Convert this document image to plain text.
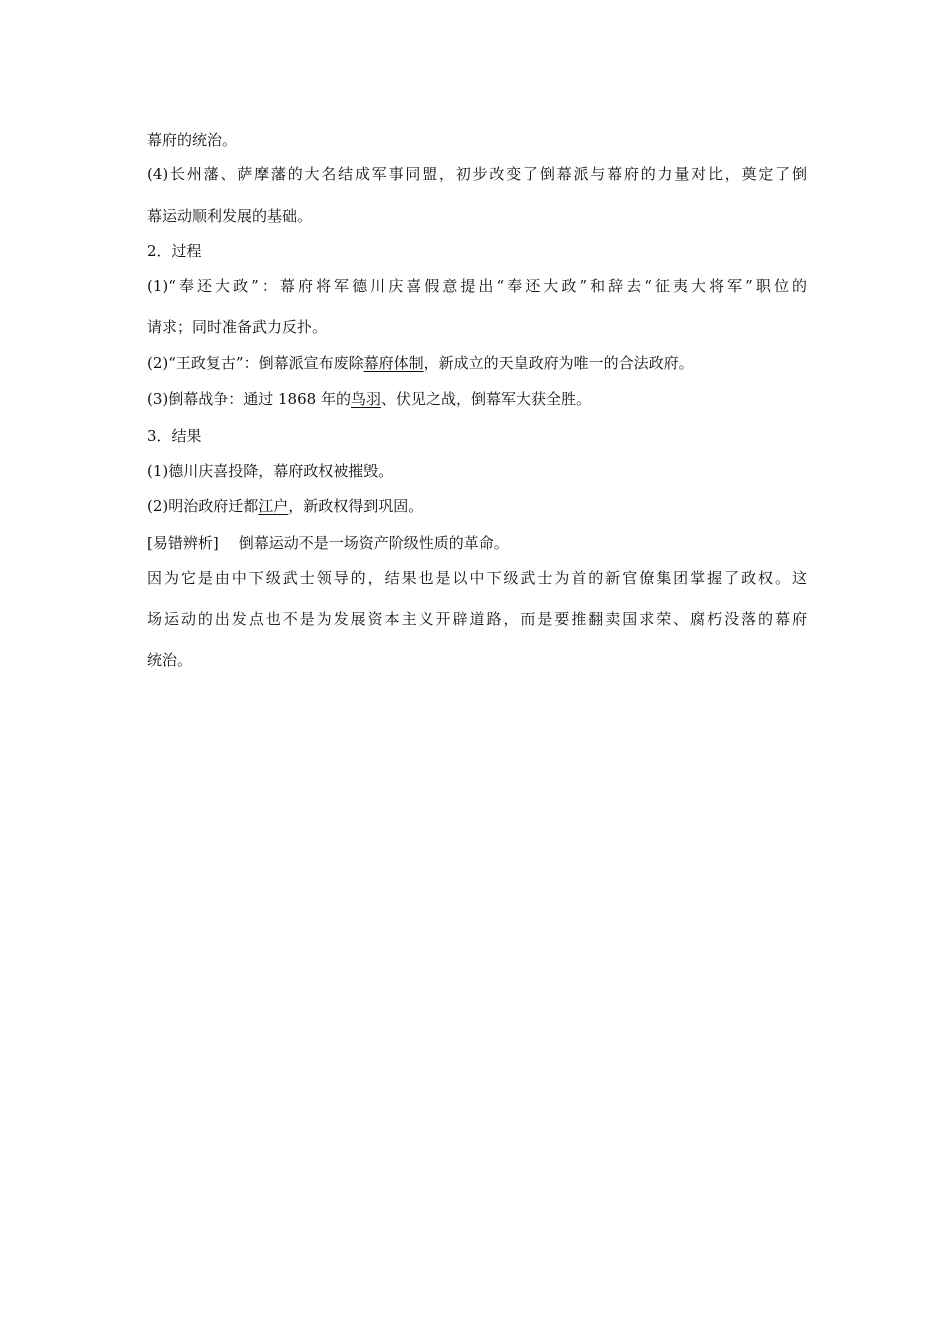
幕府的统治。
(4)长州藩、萨摩藩的大名结成军事同盟，初步改变了倒幕派与幕府的力量对比，奠定了倒
幕运动顺利发展的基础。
2．过程
(1)“奉还大政”：幕府将军德川庆喜假意提出“奉还大政”和辞去“征夷大将军”职位的
请求；同时准备武力反扑。
(2)“王政复古”：倒幕派宣布废除幕府体制，新成立的天皇政府为唯一的合法政府。
(3)倒幕战争：通过 1868 年的鸟羽、伏见之战，倒幕军大获全胜。
3．结果
(1)德川庆喜投降，幕府政权被摧毁。
(2)明治政府迁都江户，新政权得到巩固。
[易错辨析] 倒幕运动不是一场资产阶级性质的革命。
因为它是由中下级武士领导的，结果也是以中下级武士为首的新官僚集团掌握了政权。这
场运动的出发点也不是为发展资本主义开辟道路，而是要推翻卖国求荣、腐朽没落的幕府
统治。
